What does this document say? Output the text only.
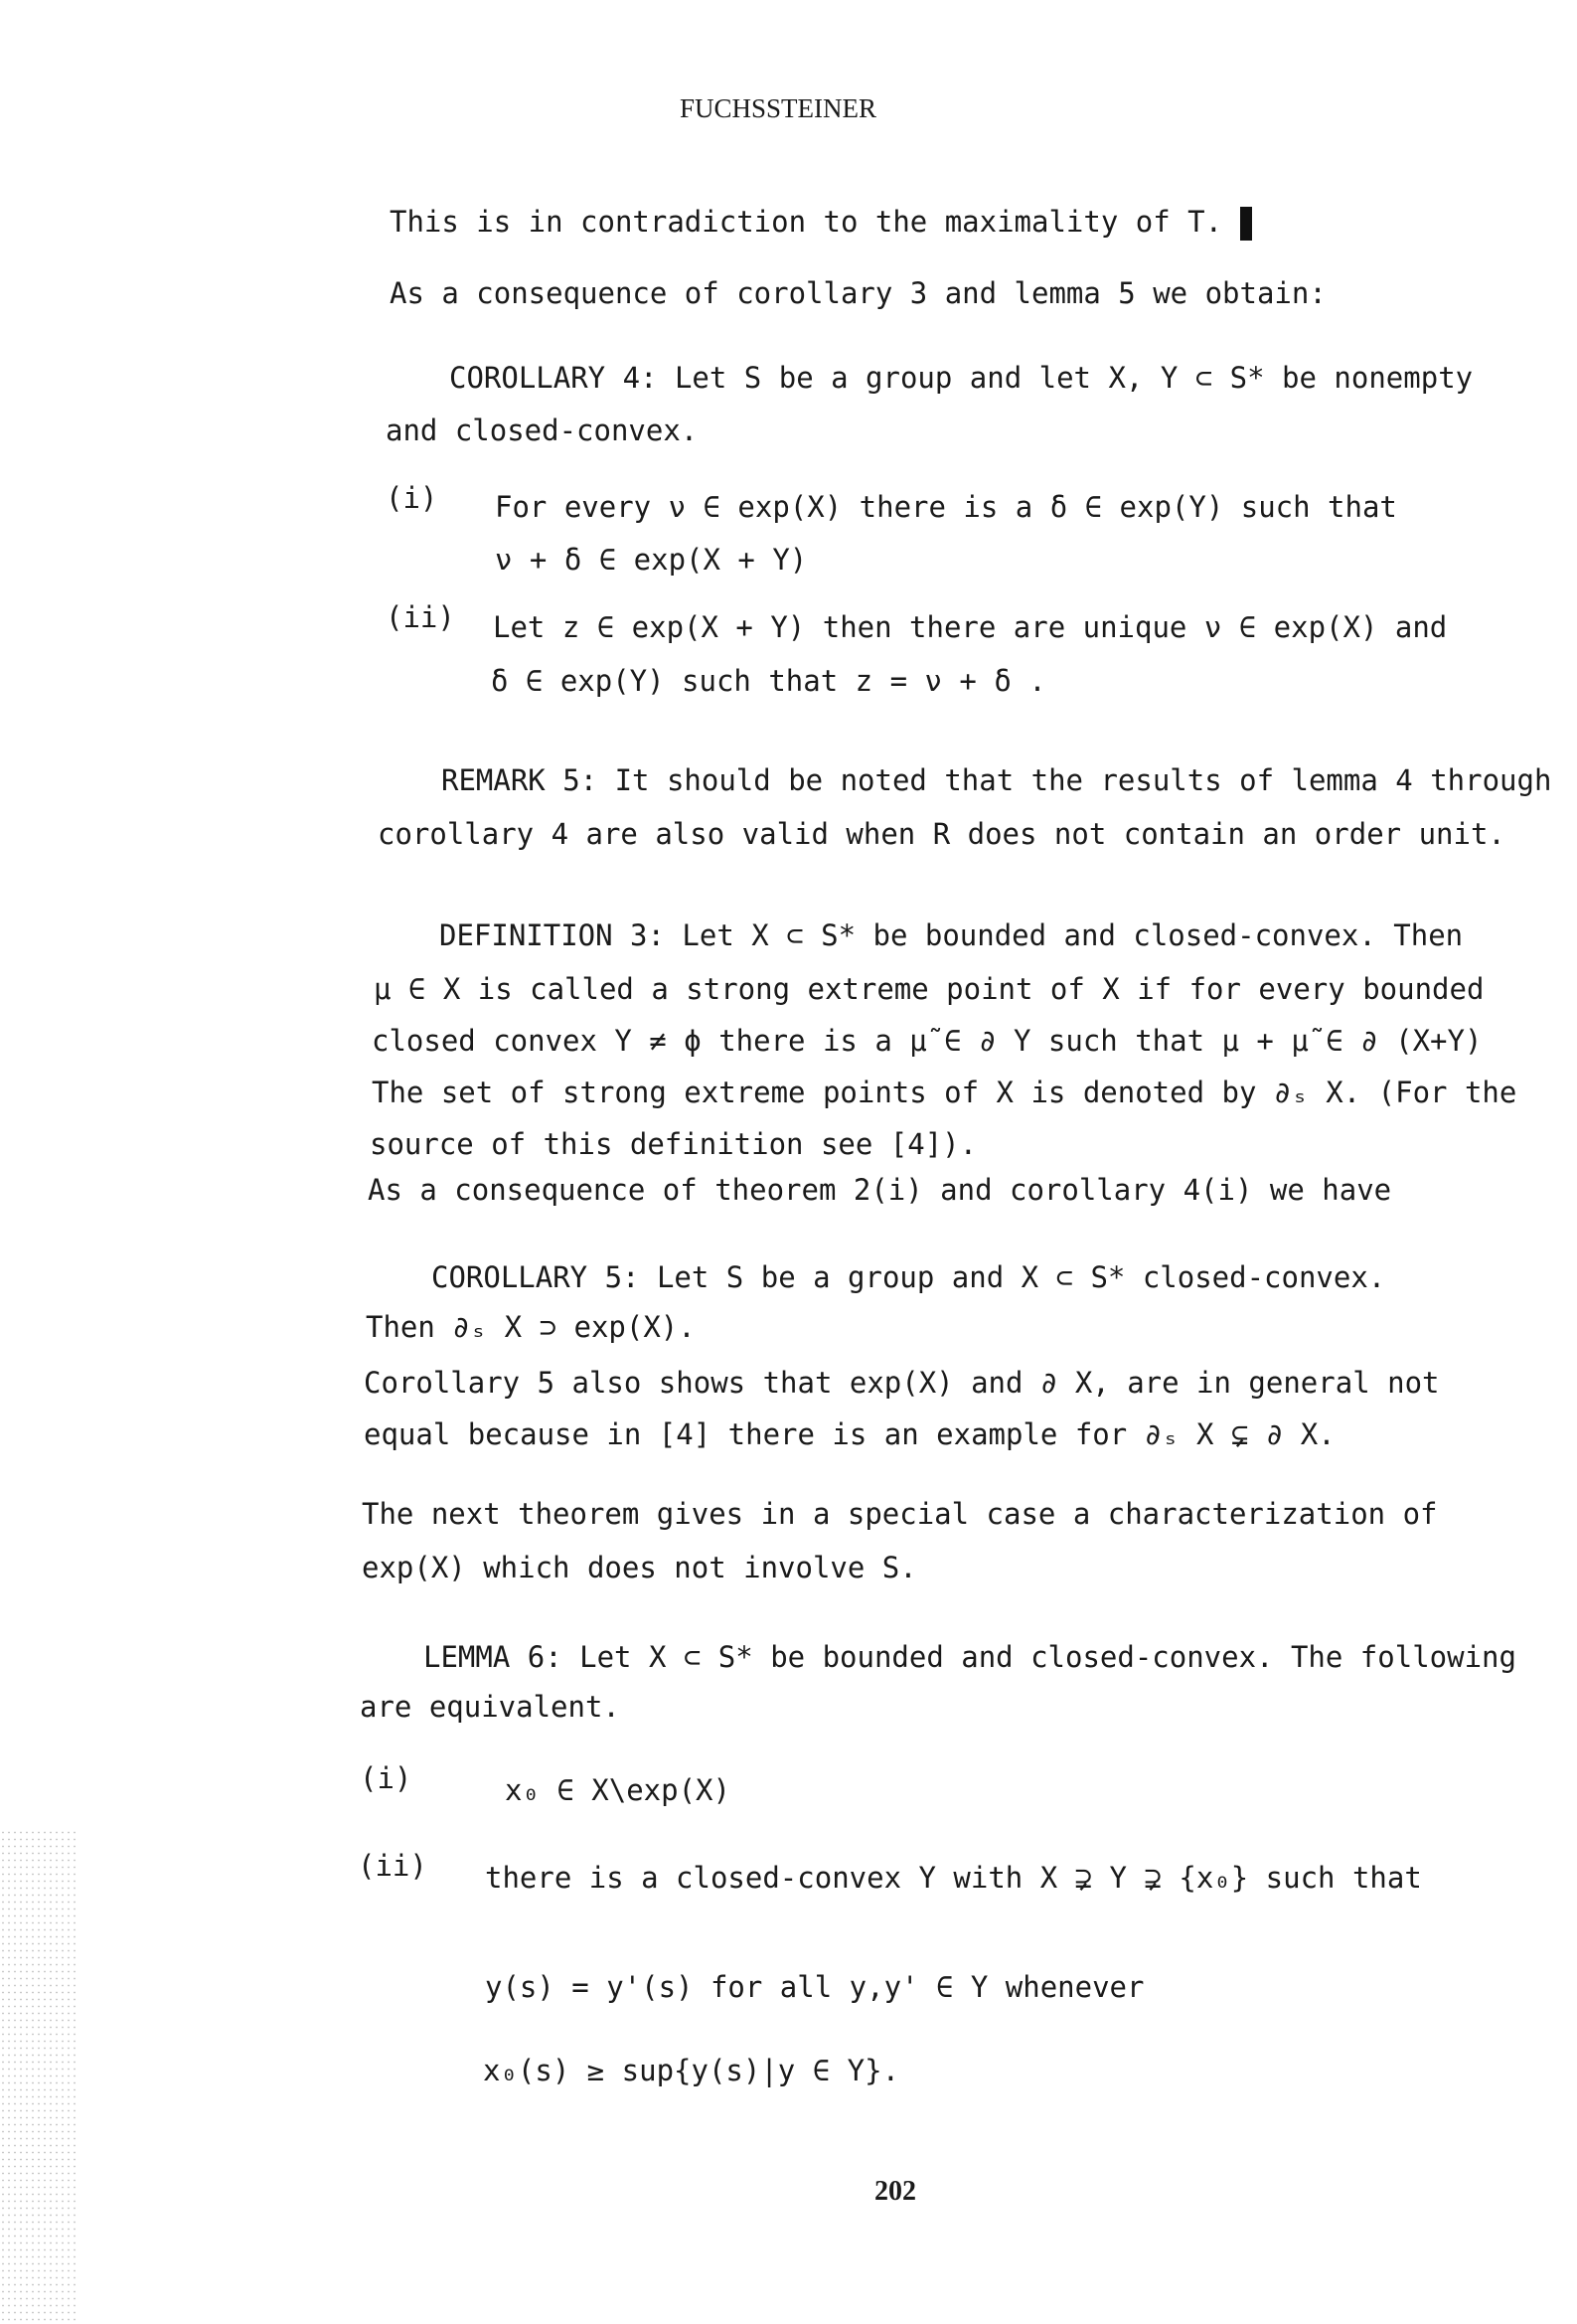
FUCHSSTEINER
This is in contradiction to the maximality of T.
As a consequence of corollary 3 and lemma 5 we obtain:
COROLLARY 4: Let S be a group and let X, Y ⊂ S* be nonempty
and closed-convex.
(i) For every ν ∈ exp(X) there is a δ ∈ exp(Y) such that
ν + δ ∈ exp(X + Y)
(ii) Let z ∈ exp(X + Y) then there are unique ν ∈ exp(X) and
δ ∈ exp(Y) such that z = ν + δ .
REMARK 5: It should be noted that the results of lemma 4 through
corollary 4 are also valid when R does not contain an order unit.
DEFINITION 3: Let X ⊂ S* be bounded and closed-convex. Then
μ ∈ X is called a strong extreme point of X if for every bounded
closed convex Y ≠ ϕ there is a μ̃ ∈ ∂ Y such that μ + μ̃ ∈ ∂ (X+Y)
The set of strong extreme points of X is denoted by ∂ₛ X. (For the
source of this definition see [4]).
As a consequence of theorem 2(i) and corollary 4(i) we have
COROLLARY 5: Let S be a group and X ⊂ S* closed-convex.
Then ∂ₛ X ⊃ exp(X).
Corollary 5 also shows that exp(X) and ∂ X, are in general not
equal because in [4] there is an example for ∂ₛ X ⊊ ∂ X.
The next theorem gives in a special case a characterization of
exp(X) which does not involve S.
LEMMA 6: Let X ⊂ S* be bounded and closed-convex. The following
are equivalent.
(i)	x₀ ∈ X\exp(X)
(ii) there is a closed-convex Y with X ⊋ Y ⊋ {x₀} such that
y(s) = y'(s) for all y,y' ∈ Y whenever
x₀(s) ≥ sup{y(s)|y ∈ Y}.
202
